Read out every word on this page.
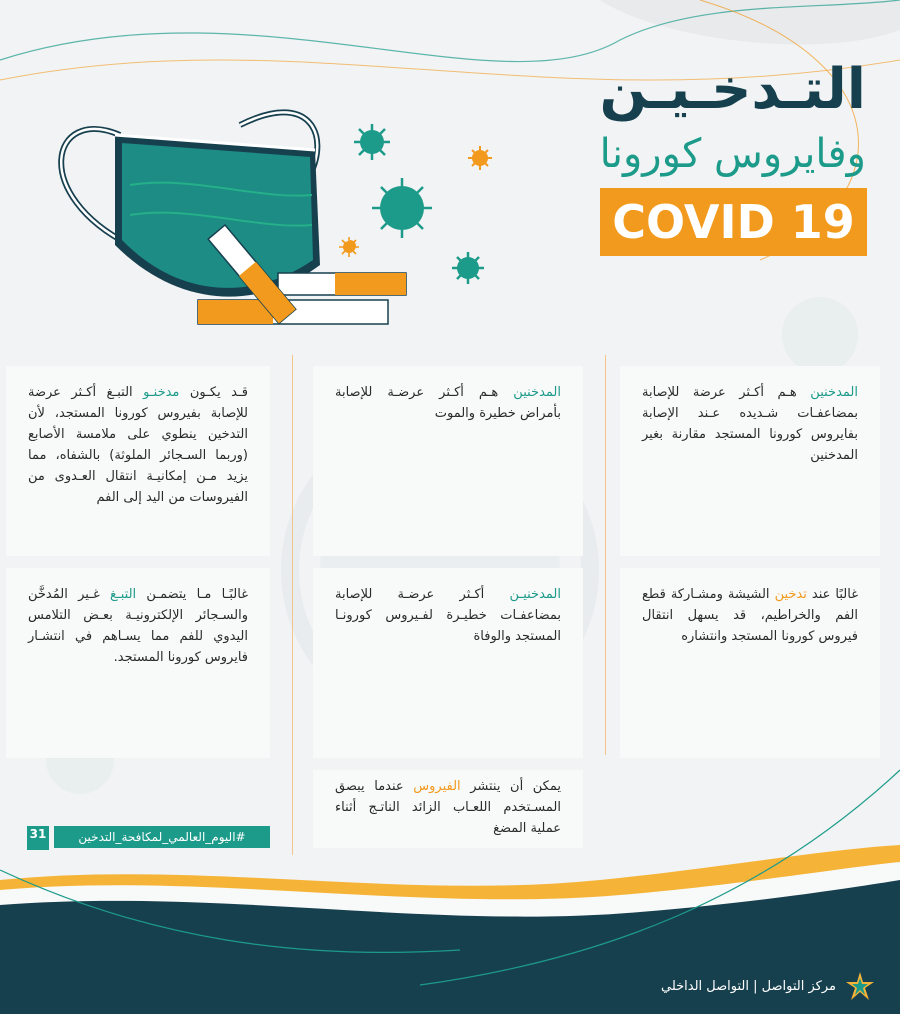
التـدخـيـن
وفايروس كورونا
COVID 19
المدخنين هـم أكـثر عرضة للإصابة بمضاعفـات شـديده عـند الإصابة بفايروس كورونا المستجد مقارنة بغير المدخنين
المدخنين هـم أكـثر عرضـة للإصابة بأمراض خطيرة والموت
قـد يكـون مدخنـو التبـغ أكـثر عرضة للإصابة بفيروس كورونا المستجد، لأن التدخين ينطوي على ملامسة الأصابع (وربما السـجائر الملوثة) بالشفاه، مما يزيد مـن إمكانيـة انتقال العـدوى من الفيروسات من اليد إلى الفم
غالبًا عند تدخين الشيشة ومشـاركة قطع الفم والخراطيم، قد يسهل انتقال فيروس كورونا المستجد وانتشاره
المدخنيـن أكـثر عرضـة للإصابة بمضاعفـات خطيـرة لفـيروس كورونـا المستجد والوفاة
غالبًـا مـا يتضمـن التبـغ غـير المُدخَّن والسـجائر الإلكترونيـة بعـض التلامس اليدوي للفم مما يسـاهم في انتشـار فايروس كورونا المستجد.
يمكن أن ينتشر الفيروس عندما يبصق المسـتخدم اللعـاب الزائد الناتـج أثناء عملية المضغ
31	#اليوم_العالمي_لمكافحة_التدخين
مركز التواصل | التواصل الداخلي
